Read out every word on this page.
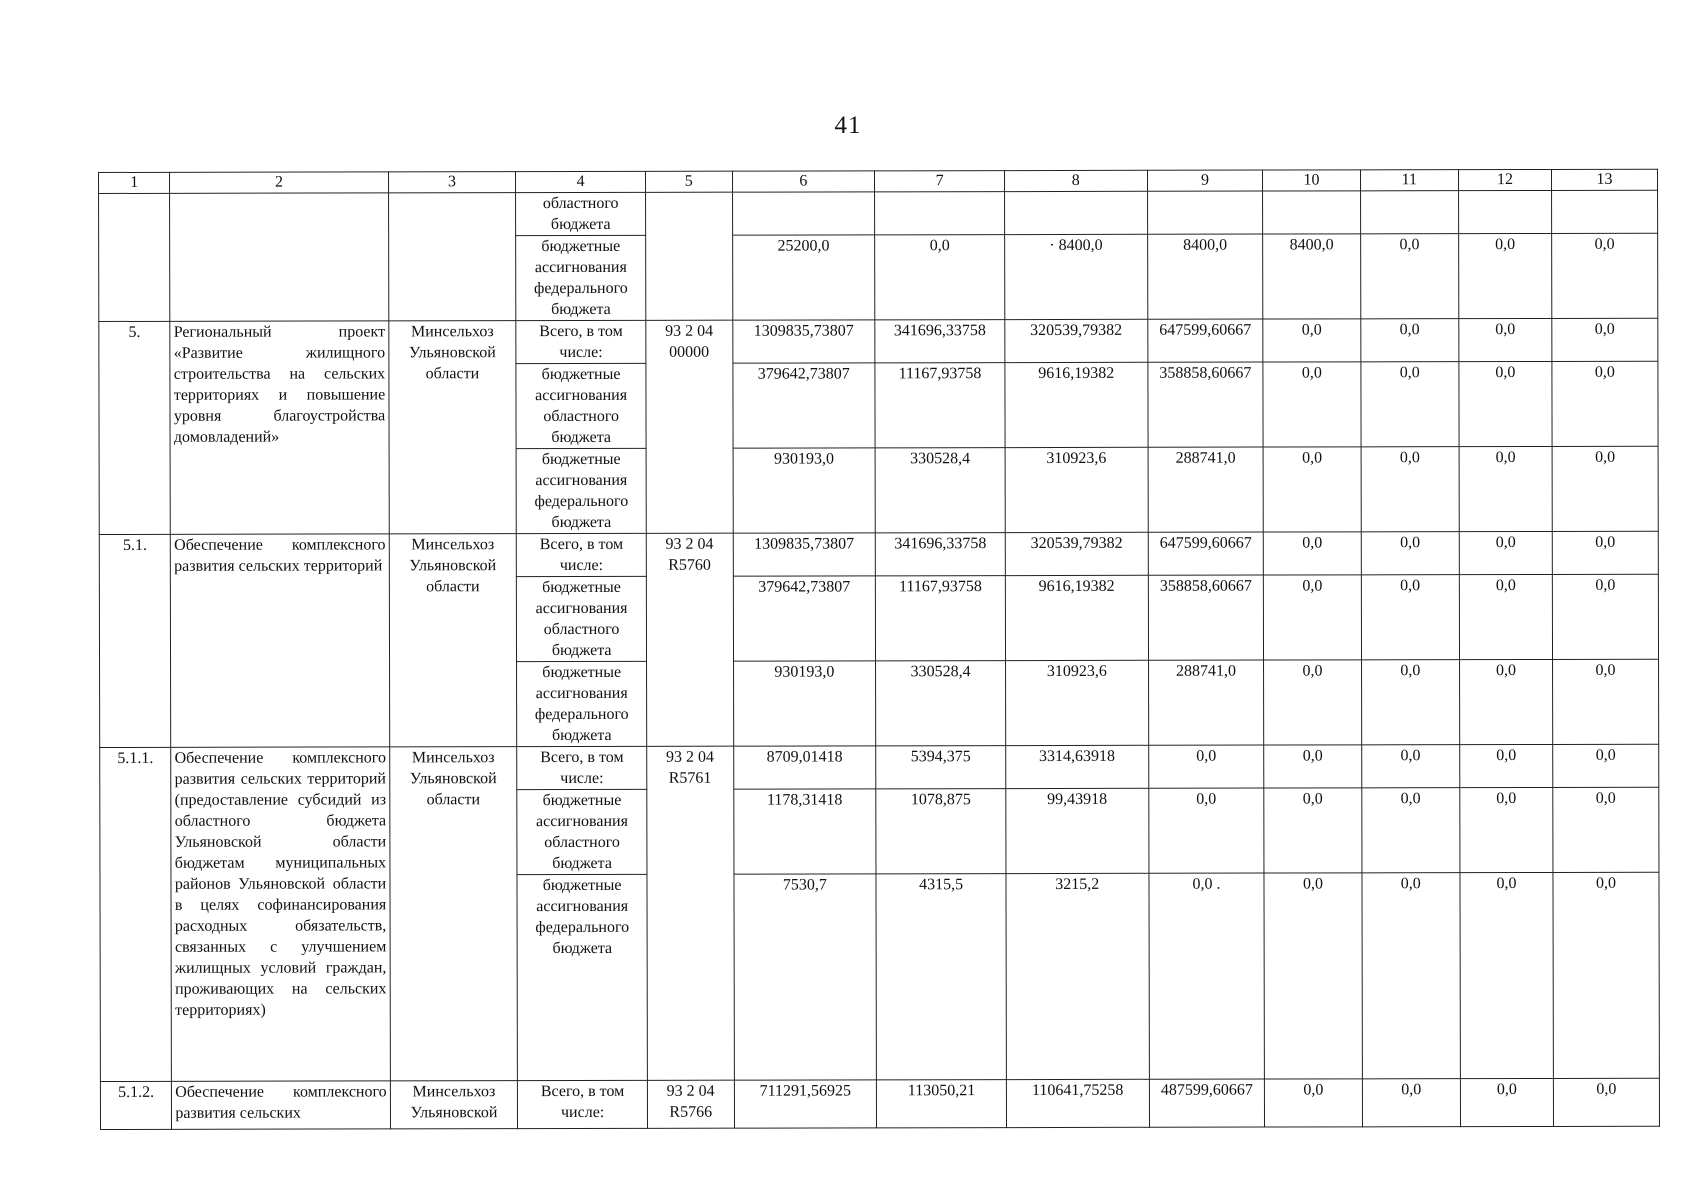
41
1	2	3	4	5	6	7	8	9	10	11	12	13
			областного бюджета									
			бюджетные ассигнования федерального бюджета		25200,0	0,0	· 8400,0	8400,0	8400,0	0,0	0,0	0,0
5.	Региональный проект «Развитие жилищного строительства на сельских территориях и повышение уровня благоустройства домовладений»	Минсельхоз Ульяновской области	Всего, в том числе:	93 2 04 00000	1309835,73807	341696,33758	320539,79382	647599,60667	0,0	0,0	0,0	0,0
			бюджетные ассигнования областного бюджета		379642,73807	11167,93758	9616,19382	358858,60667	0,0	0,0	0,0	0,0
			бюджетные ассигнования федерального бюджета		930193,0	330528,4	310923,6	288741,0	0,0	0,0	0,0	0,0
5.1.	Обеспечение комплексного развития сельских территорий	Минсельхоз Ульяновской области	Всего, в том числе:	93 2 04 R5760	1309835,73807	341696,33758	320539,79382	647599,60667	0,0	0,0	0,0	0,0
			бюджетные ассигнования областного бюджета		379642,73807	11167,93758	9616,19382	358858,60667	0,0	0,0	0,0	0,0
			бюджетные ассигнования федерального бюджета		930193,0	330528,4	310923,6	288741,0	0,0	0,0	0,0	0,0
5.1.1.	Обеспечение комплексного развития сельских территорий (предоставление субсидий из областного бюджета Ульяновской области бюджетам муниципальных районов Ульяновской области в целях софинансирования расходных обязательств, связанных с улучшением жилищных условий граждан, проживающих на сельских территориях)	Минсельхоз Ульяновской области	Всего, в том числе:	93 2 04 R5761	8709,01418	5394,375	3314,63918	0,0	0,0	0,0	0,0	0,0
			бюджетные ассигнования областного бюджета		1178,31418	1078,875	99,43918	0,0	0,0	0,0	0,0	0,0
			бюджетные ассигнования федерального бюджета		7530,7	4315,5	3215,2	0,0 .	0,0	0,0	0,0	0,0
5.1.2.	Обеспечение комплексного развития сельских	Минсельхоз Ульяновской	Всего, в том числе:	93 2 04 R5766	711291,56925	113050,21	110641,75258	487599,60667	0,0	0,0	0,0	0,0
